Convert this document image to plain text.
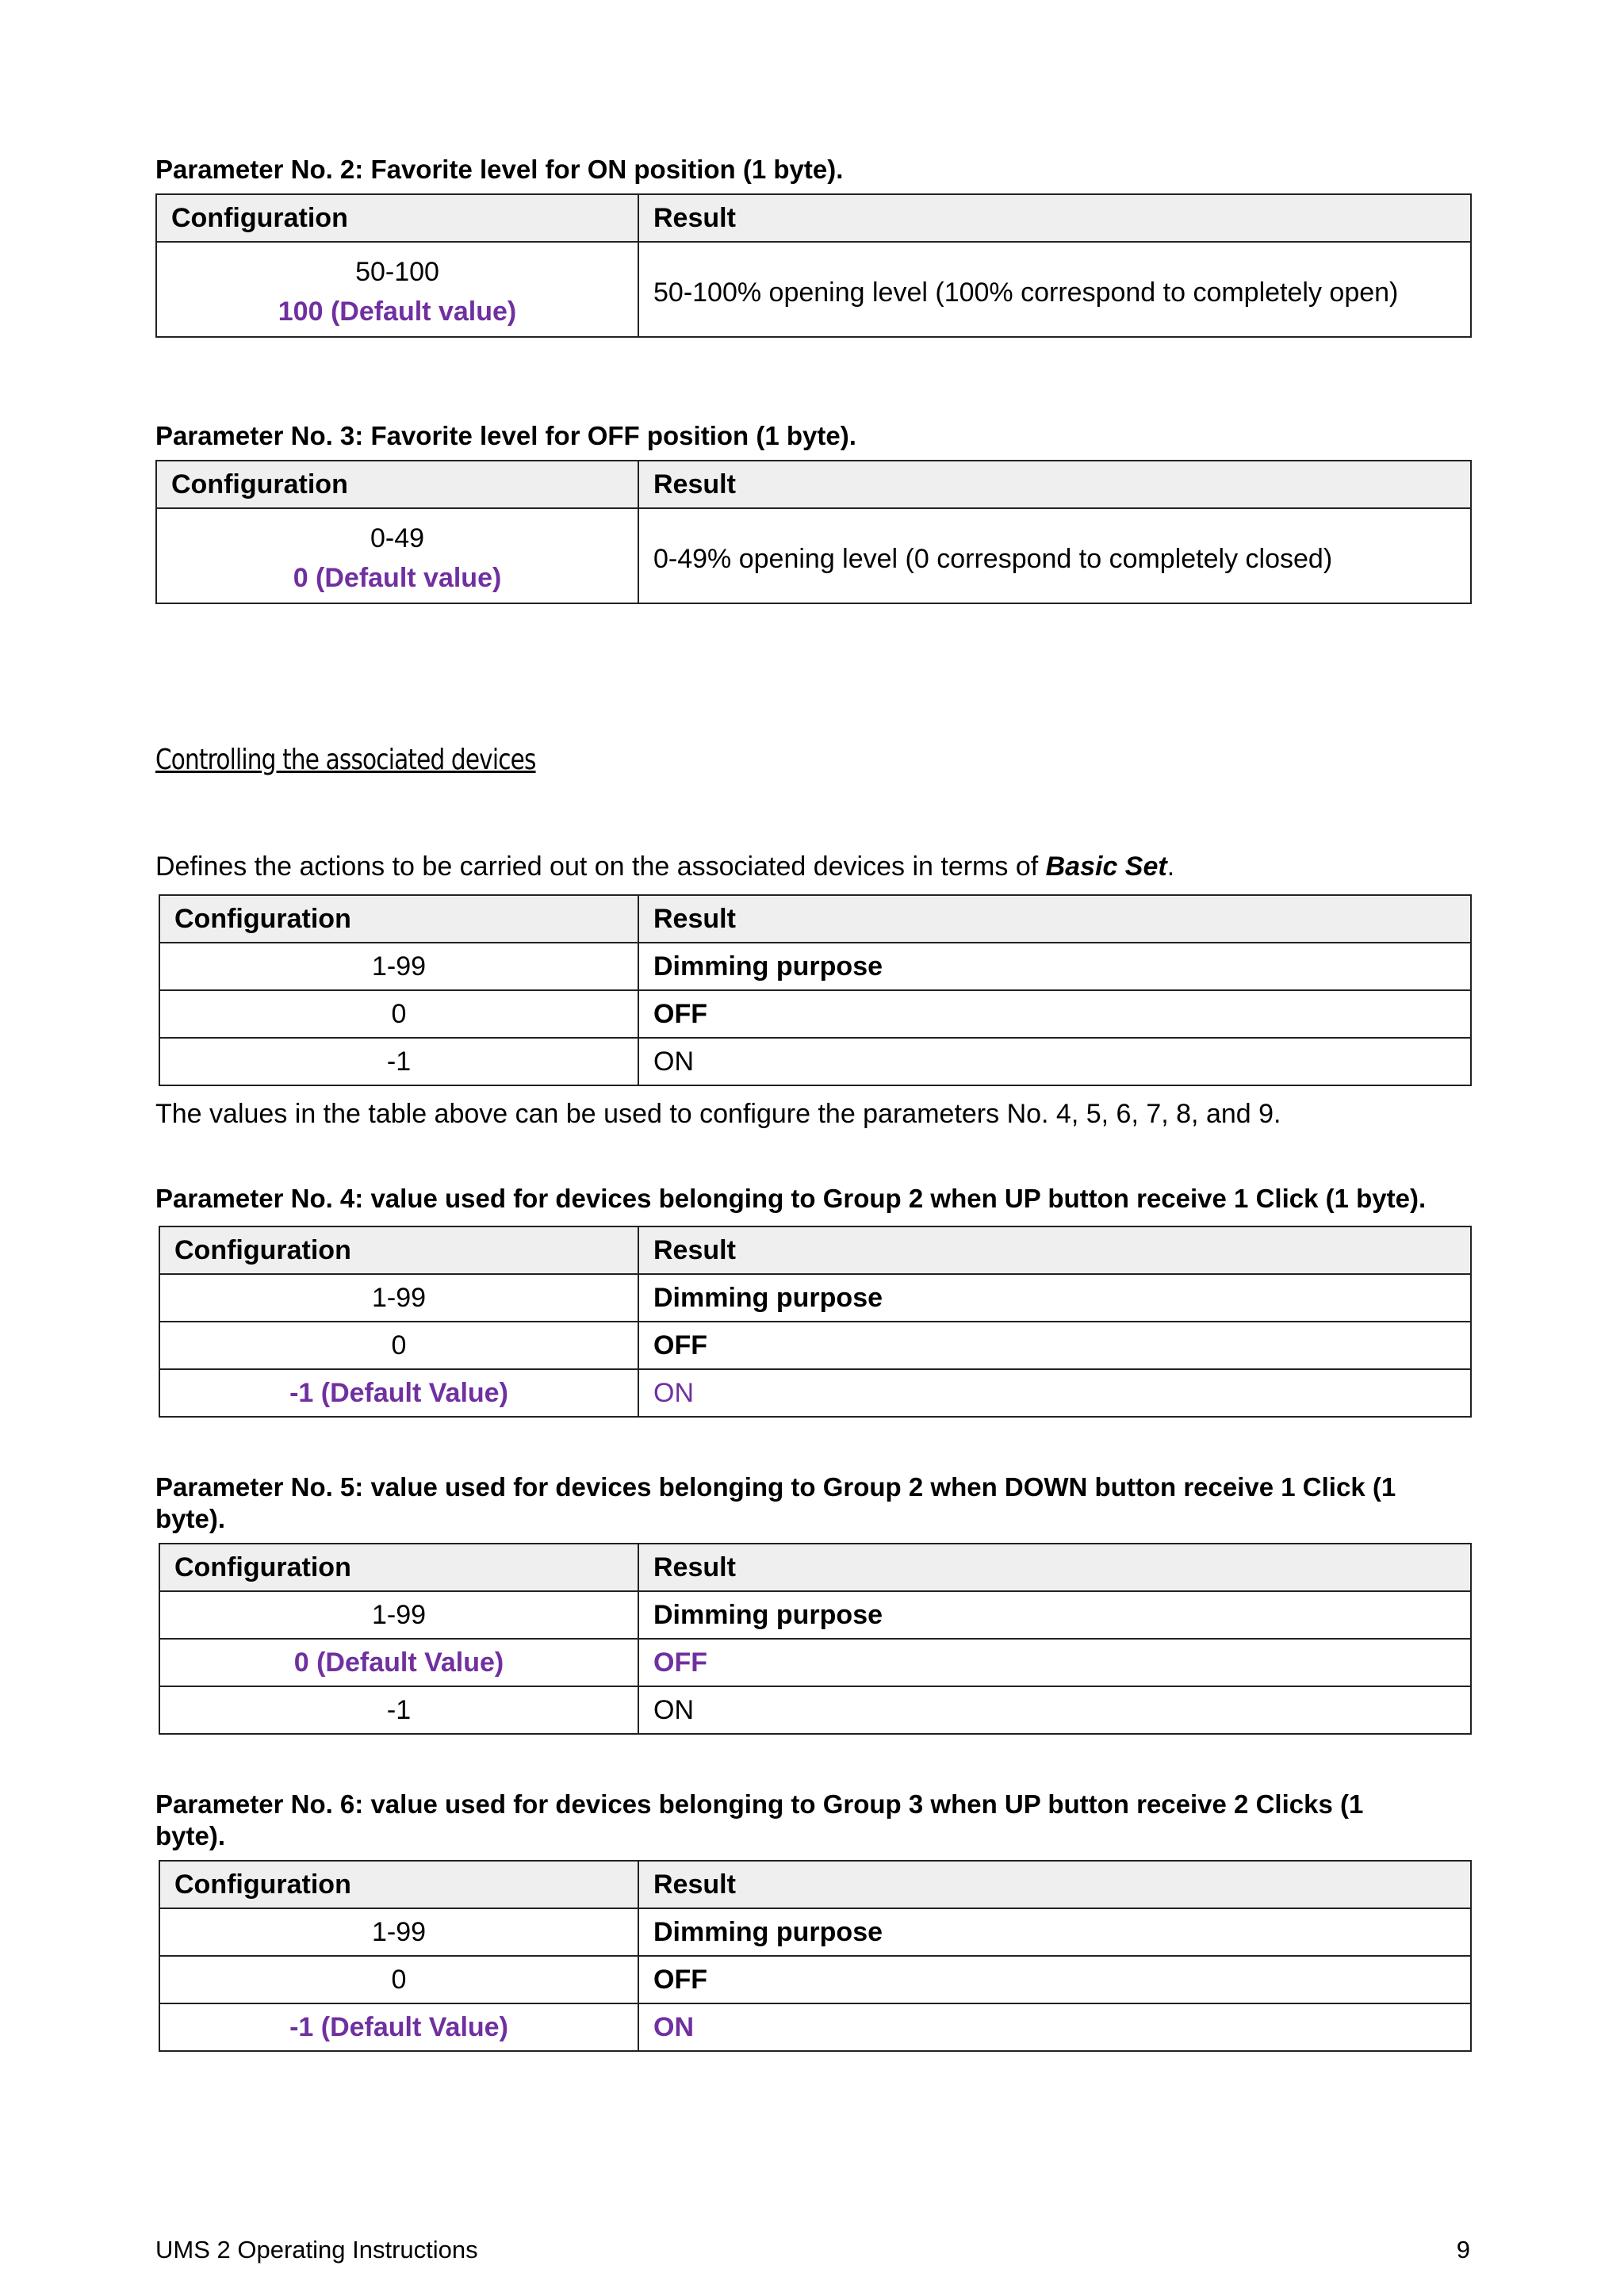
Parameter No. 2: Favorite level for ON position (1 byte).
Configuration	Result

50-100
100 (Default value)	50-100% opening level (100% correspond to completely open)
Parameter No. 3: Favorite level for OFF position (1 byte).
Configuration	Result

0-49
0 (Default value)	0-49% opening level (0 correspond to completely closed)
Controlling the associated devices
Defines the actions to be carried out on the associated devices in terms of Basic Set.
Configuration	Result
1-99	Dimming purpose
0	OFF
-1	ON
The values in the table above can be used to configure the parameters No. 4, 5, 6, 7, 8, and 9.
Parameter No. 4: value used for devices belonging to Group 2 when UP button receive 1 Click (1 byte).
Configuration	Result
1-99	Dimming purpose
0	OFF
-1 (Default Value)	ON
Parameter No. 5: value used for devices belonging to Group 2 when DOWN button receive 1 Click (1
byte).
Configuration	Result
1-99	Dimming purpose
0 (Default Value)	OFF
-1	ON
Parameter No. 6: value used for devices belonging to Group 3 when UP button receive 2 Clicks (1
byte).
Configuration	Result
1-99	Dimming purpose
0	OFF
-1 (Default Value)	ON
UMS 2 Operating Instructions	9
